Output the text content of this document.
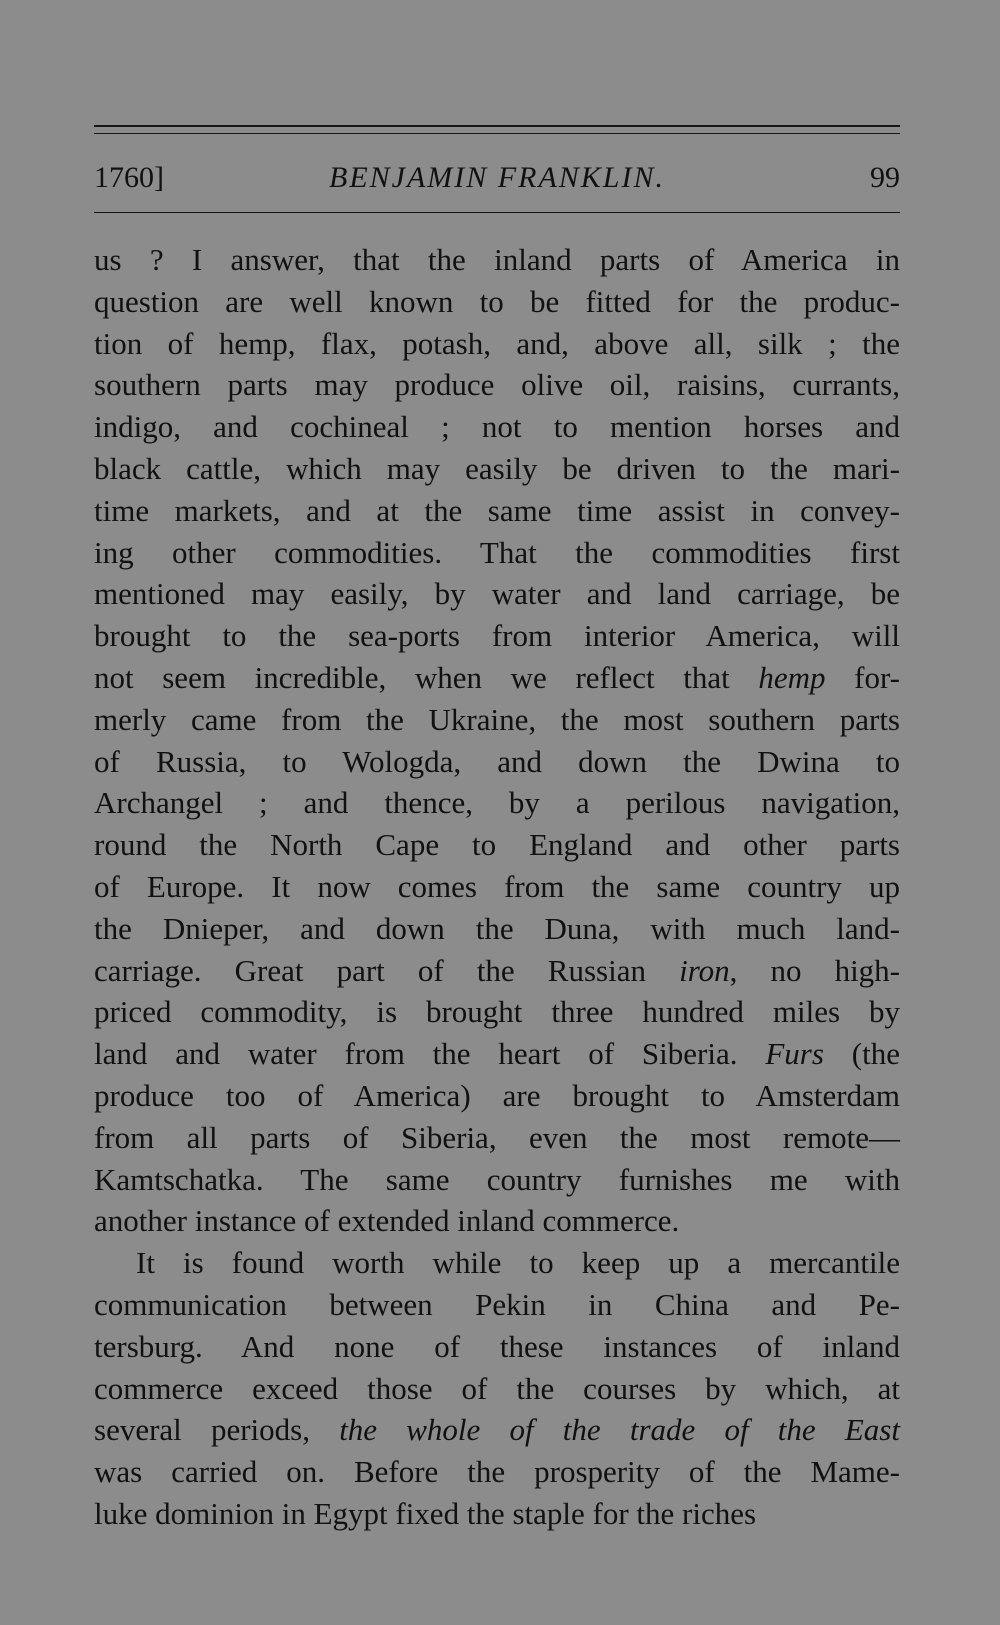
1760]	BENJAMIN FRANKLIN.	99
us ? I answer, that the inland parts of America in
question are well known to be fitted for the produc-
tion of hemp, flax, potash, and, above all, silk ; the
southern parts may produce olive oil, raisins, currants,
indigo, and cochineal ; not to mention horses and
black cattle, which may easily be driven to the mari-
time markets, and at the same time assist in convey-
ing other commodities. That the commodities first
mentioned may easily, by water and land carriage, be
brought to the sea-ports from interior America, will
not seem incredible, when we reflect that hemp for-
merly came from the Ukraine, the most southern parts
of Russia, to Wologda, and down the Dwina to
Archangel ; and thence, by a perilous navigation,
round the North Cape to England and other parts
of Europe. It now comes from the same country up
the Dnieper, and down the Duna, with much land-
carriage. Great part of the Russian iron, no high-
priced commodity, is brought three hundred miles by
land and water from the heart of Siberia. Furs (the
produce too of America) are brought to Amsterdam
from all parts of Siberia, even the most remote—
Kamtschatka. The same country furnishes me with
another instance of extended inland commerce.
It is found worth while to keep up a mercantile
communication between Pekin in China and Pe-
tersburg. And none of these instances of inland
commerce exceed those of the courses by which, at
several periods, the whole of the trade of the East
was carried on. Before the prosperity of the Mame-
luke dominion in Egypt fixed the staple for the riches
